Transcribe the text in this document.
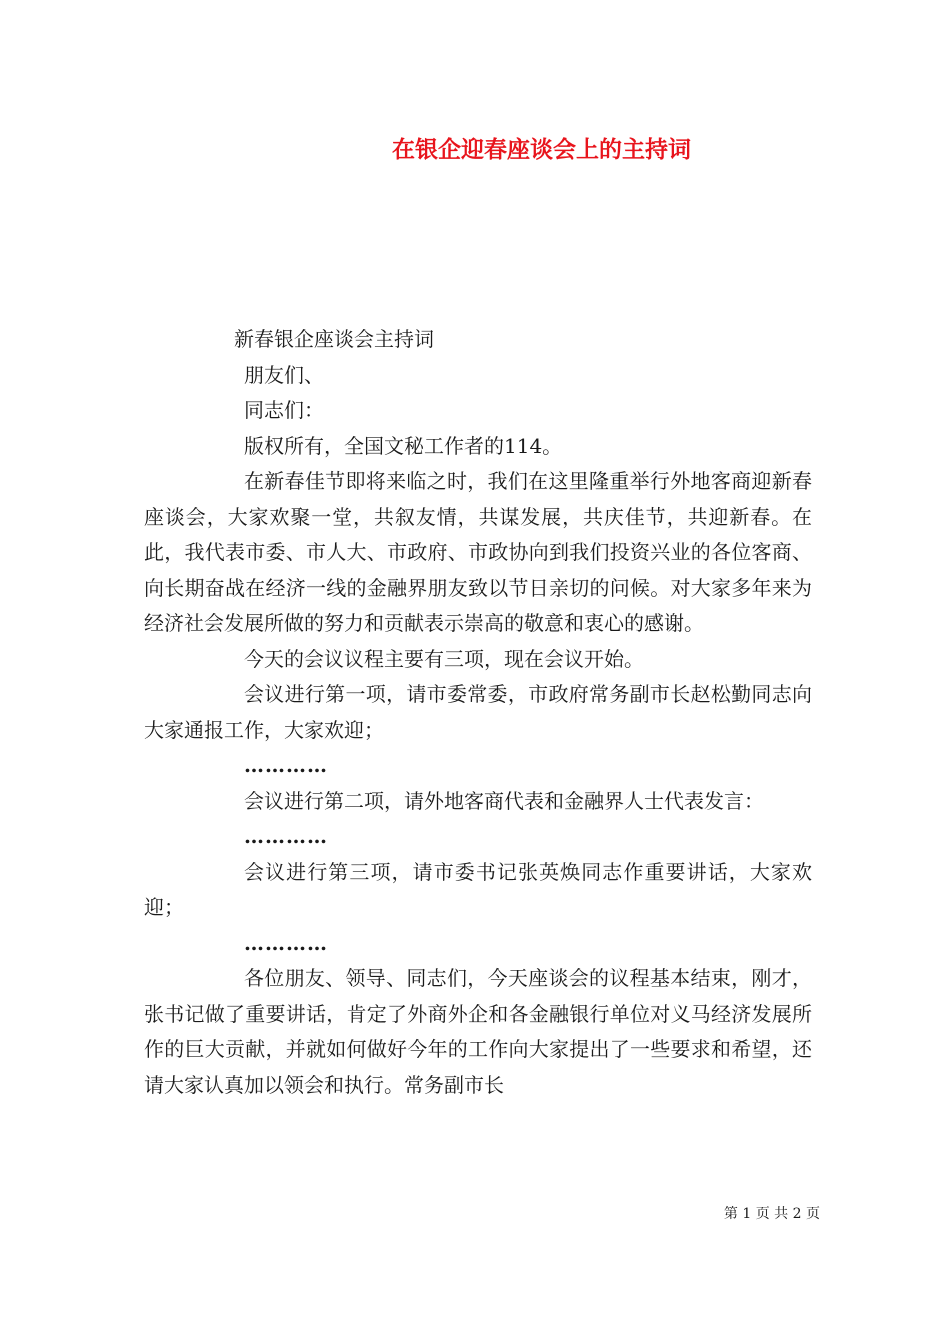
在银企迎春座谈会上的主持词

新春银企座谈会主持词

朋友们、

同志们：

版权所有，全国文秘工作者的114。

在新春佳节即将来临之时，我们在这里隆重举行外地客商迎新春座谈会，大家欢聚一堂，共叙友情，共谋发展，共庆佳节，共迎新春。在此，我代表市委、市人大、市政府、市政协向到我们投资兴业的各位客商、向长期奋战在经济一线的金融界朋友致以节日亲切的问候。对大家多年来为经济社会发展所做的努力和贡献表示崇高的敬意和衷心的感谢。

今天的会议议程主要有三项，现在会议开始。

会议进行第一项，请市委常委，市政府常务副市长赵松勤同志向大家通报工作，大家欢迎；

…………

会议进行第二项，请外地客商代表和金融界人士代表发言：

…………

会议进行第三项，请市委书记张英焕同志作重要讲话，大家欢迎；

…………

各位朋友、领导、同志们，今天座谈会的议程基本结束，刚才，张书记做了重要讲话，肯定了外商外企和各金融银行单位对义马经济发展所作的巨大贡献，并就如何做好今年的工作向大家提出了一些要求和希望，还请大家认真加以领会和执行。常务副市长

第 1 页 共 2 页
